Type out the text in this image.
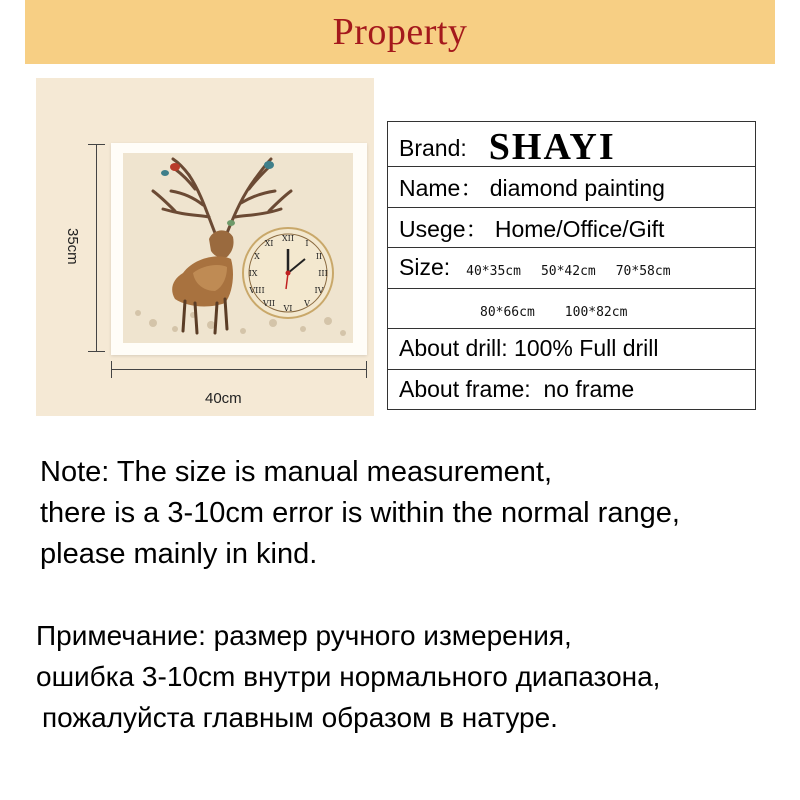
Property
XII
I
II
III
IV
V
VI
VII
VIII
IX
X
XI
35cm
40cm
Brand: SHAYI
Name： diamond painting
Usege： Home/Office/Gift
Size: 40*35cm 50*42cm 70*58cm
80*66cm 100*82cm
About drill: 100% Full drill
About frame:  no frame
Note: The size is manual measurement,
there is a 3-10cm error is within the normal range,
please mainly in kind.
Примечание: размер ручного измерения,
ошибка 3-10cm внутри нормального диапазона,
пожалуйста главным образом в натуре.
